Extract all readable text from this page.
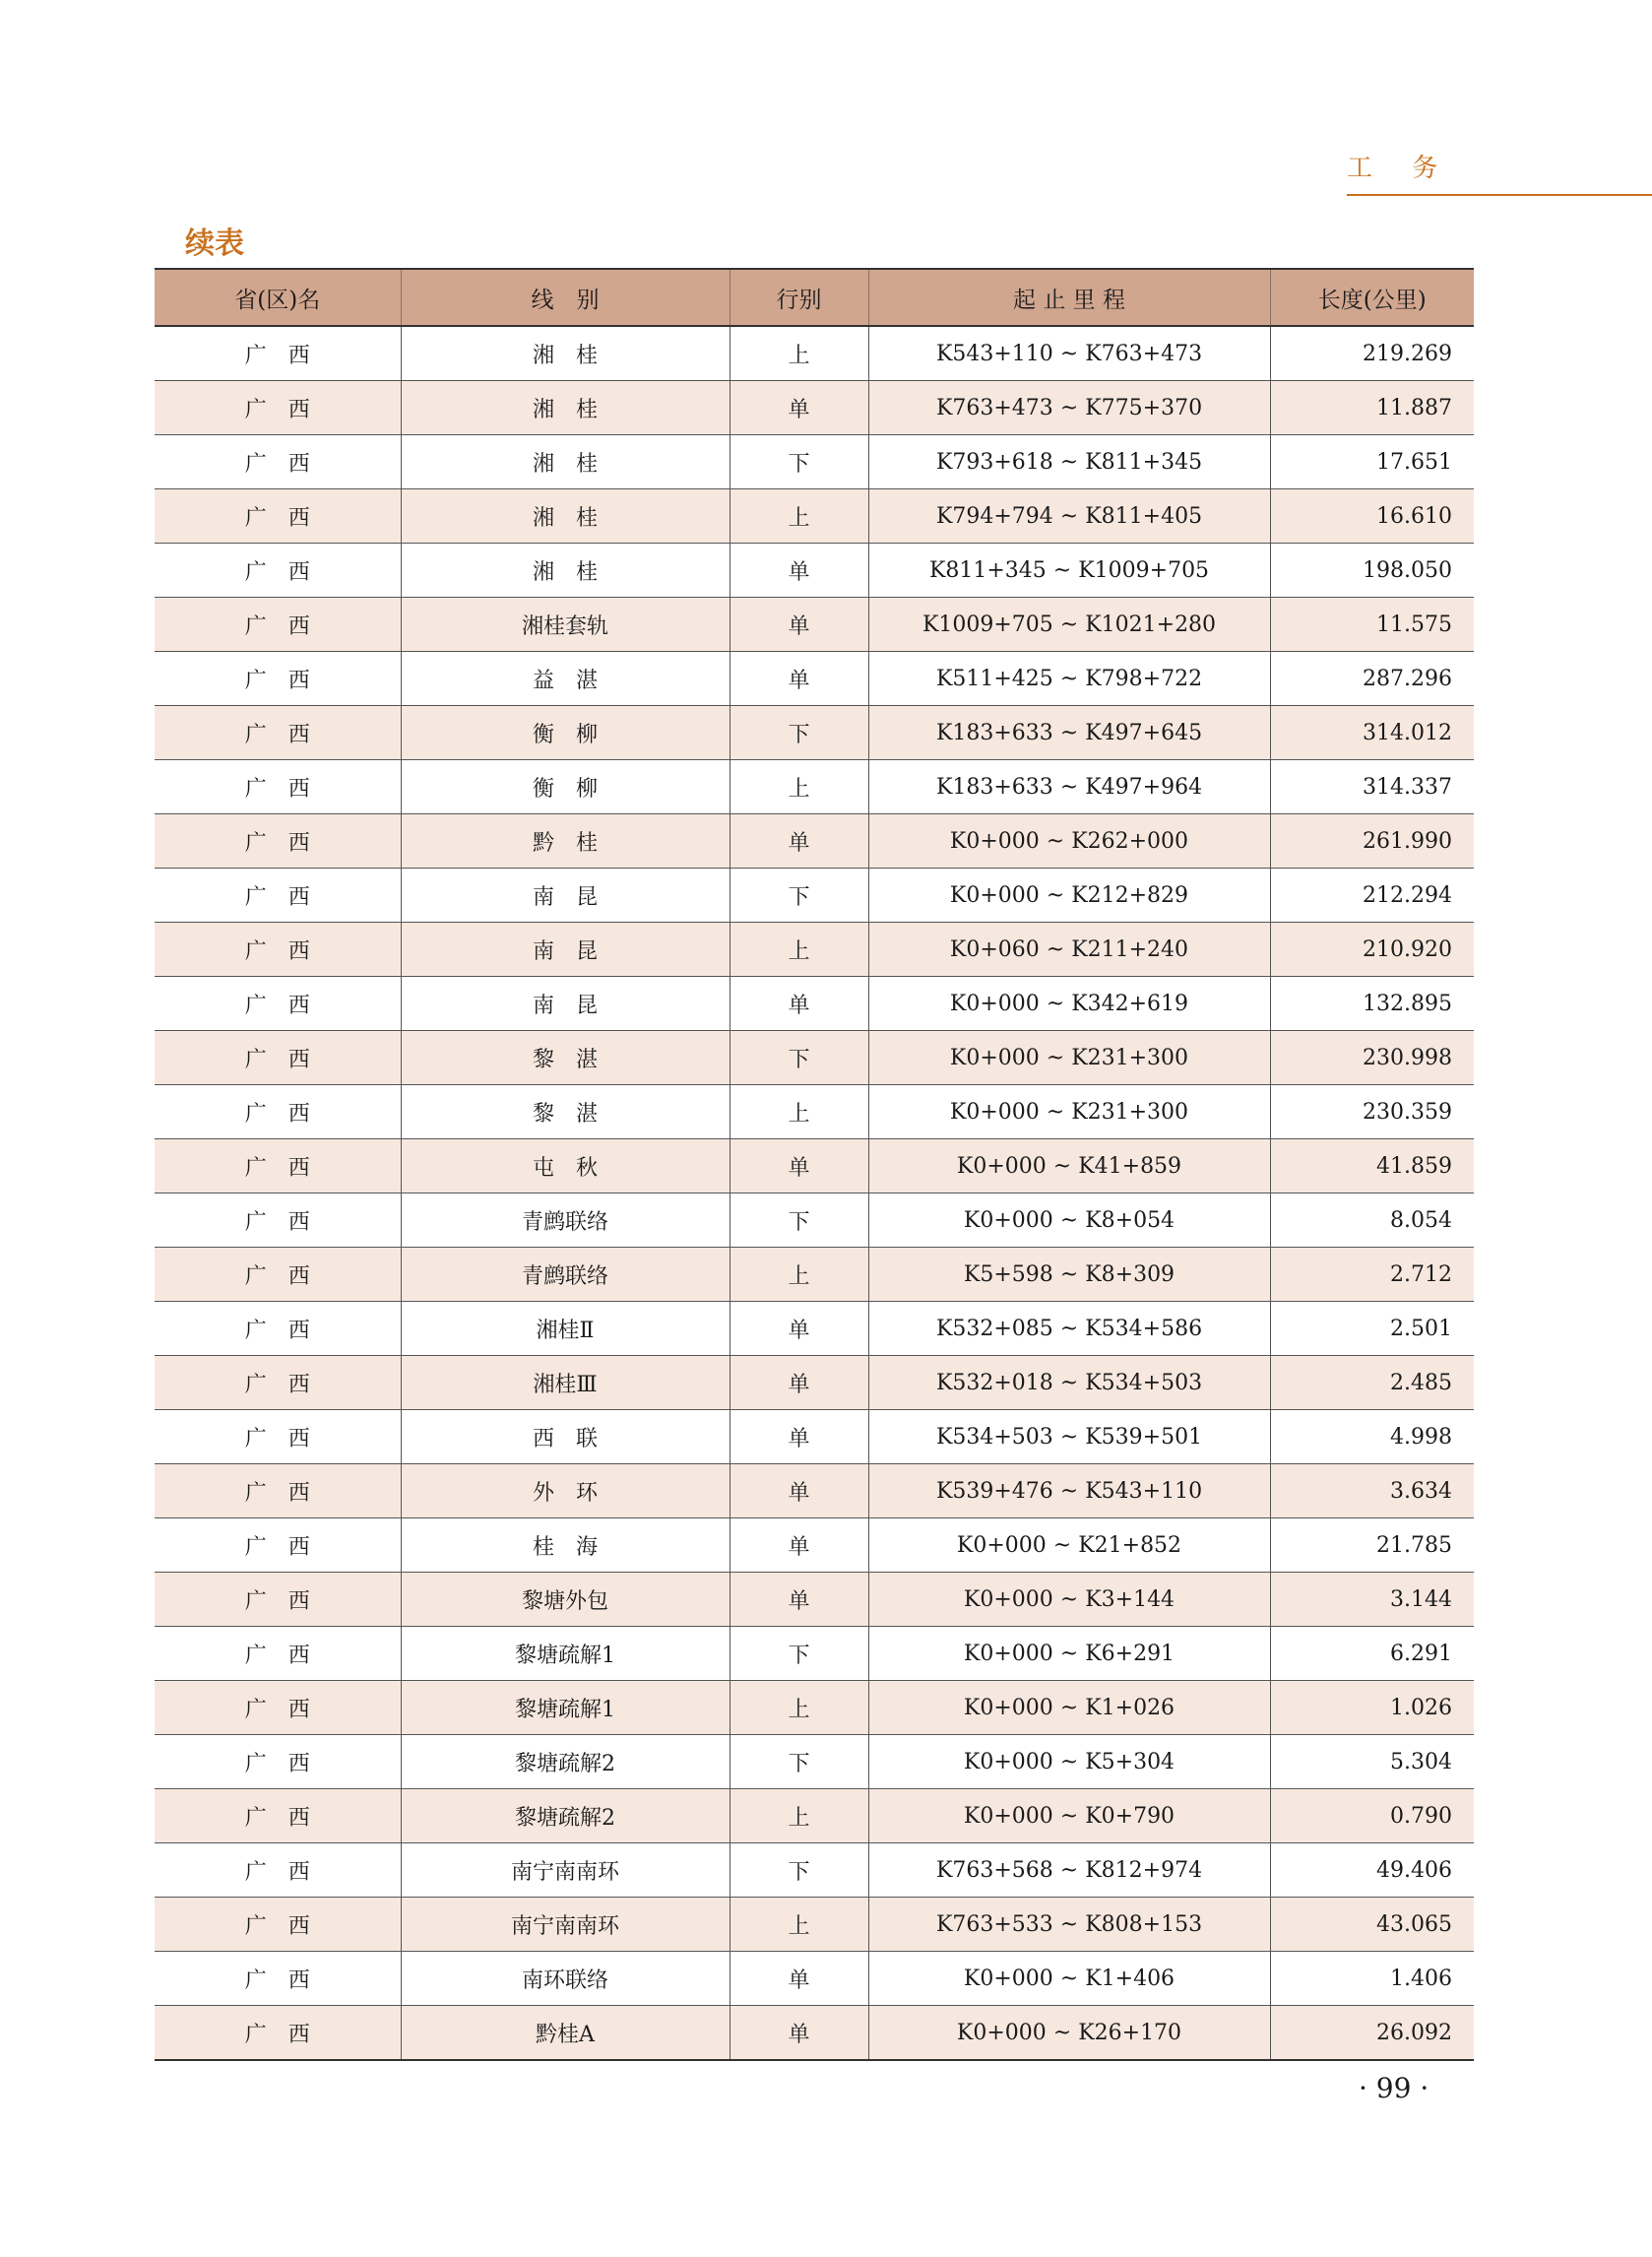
工 务
续表
省(区)名	线　别	行别	起 止 里 程	长度(公里)
广　西	湘　桂	上	K543+110 ~ K763+473	219.269
广　西	湘　桂	单	K763+473 ~ K775+370	11.887
广　西	湘　桂	下	K793+618 ~ K811+345	17.651
广　西	湘　桂	上	K794+794 ~ K811+405	16.610
广　西	湘　桂	单	K811+345 ~ K1009+705	198.050
广　西	湘桂套轨	单	K1009+705 ~ K1021+280	11.575
广　西	益　湛	单	K511+425 ~ K798+722	287.296
广　西	衡　柳	下	K183+633 ~ K497+645	314.012
广　西	衡　柳	上	K183+633 ~ K497+964	314.337
广　西	黔　桂	单	K0+000 ~ K262+000	261.990
广　西	南　昆	下	K0+000 ~ K212+829	212.294
广　西	南　昆	上	K0+060 ~ K211+240	210.920
广　西	南　昆	单	K0+000 ~ K342+619	132.895
广　西	黎　湛	下	K0+000 ~ K231+300	230.998
广　西	黎　湛	上	K0+000 ~ K231+300	230.359
广　西	屯　秋	单	K0+000 ~ K41+859	41.859
广　西	青鹧联络	下	K0+000 ~ K8+054	8.054
广　西	青鹧联络	上	K5+598 ~ K8+309	2.712
广　西	湘桂Ⅱ	单	K532+085 ~ K534+586	2.501
广　西	湘桂Ⅲ	单	K532+018 ~ K534+503	2.485
广　西	西　联	单	K534+503 ~ K539+501	4.998
广　西	外　环	单	K539+476 ~ K543+110	3.634
广　西	桂　海	单	K0+000 ~ K21+852	21.785
广　西	黎塘外包	单	K0+000 ~ K3+144	3.144
广　西	黎塘疏解1	下	K0+000 ~ K6+291	6.291
广　西	黎塘疏解1	上	K0+000 ~ K1+026	1.026
广　西	黎塘疏解2	下	K0+000 ~ K5+304	5.304
广　西	黎塘疏解2	上	K0+000 ~ K0+790	0.790
广　西	南宁南南环	下	K763+568 ~ K812+974	49.406
广　西	南宁南南环	上	K763+533 ~ K808+153	43.065
广　西	南环联络	单	K0+000 ~ K1+406	1.406
广　西	黔桂A	单	K0+000 ~ K26+170	26.092
· 99 ·
